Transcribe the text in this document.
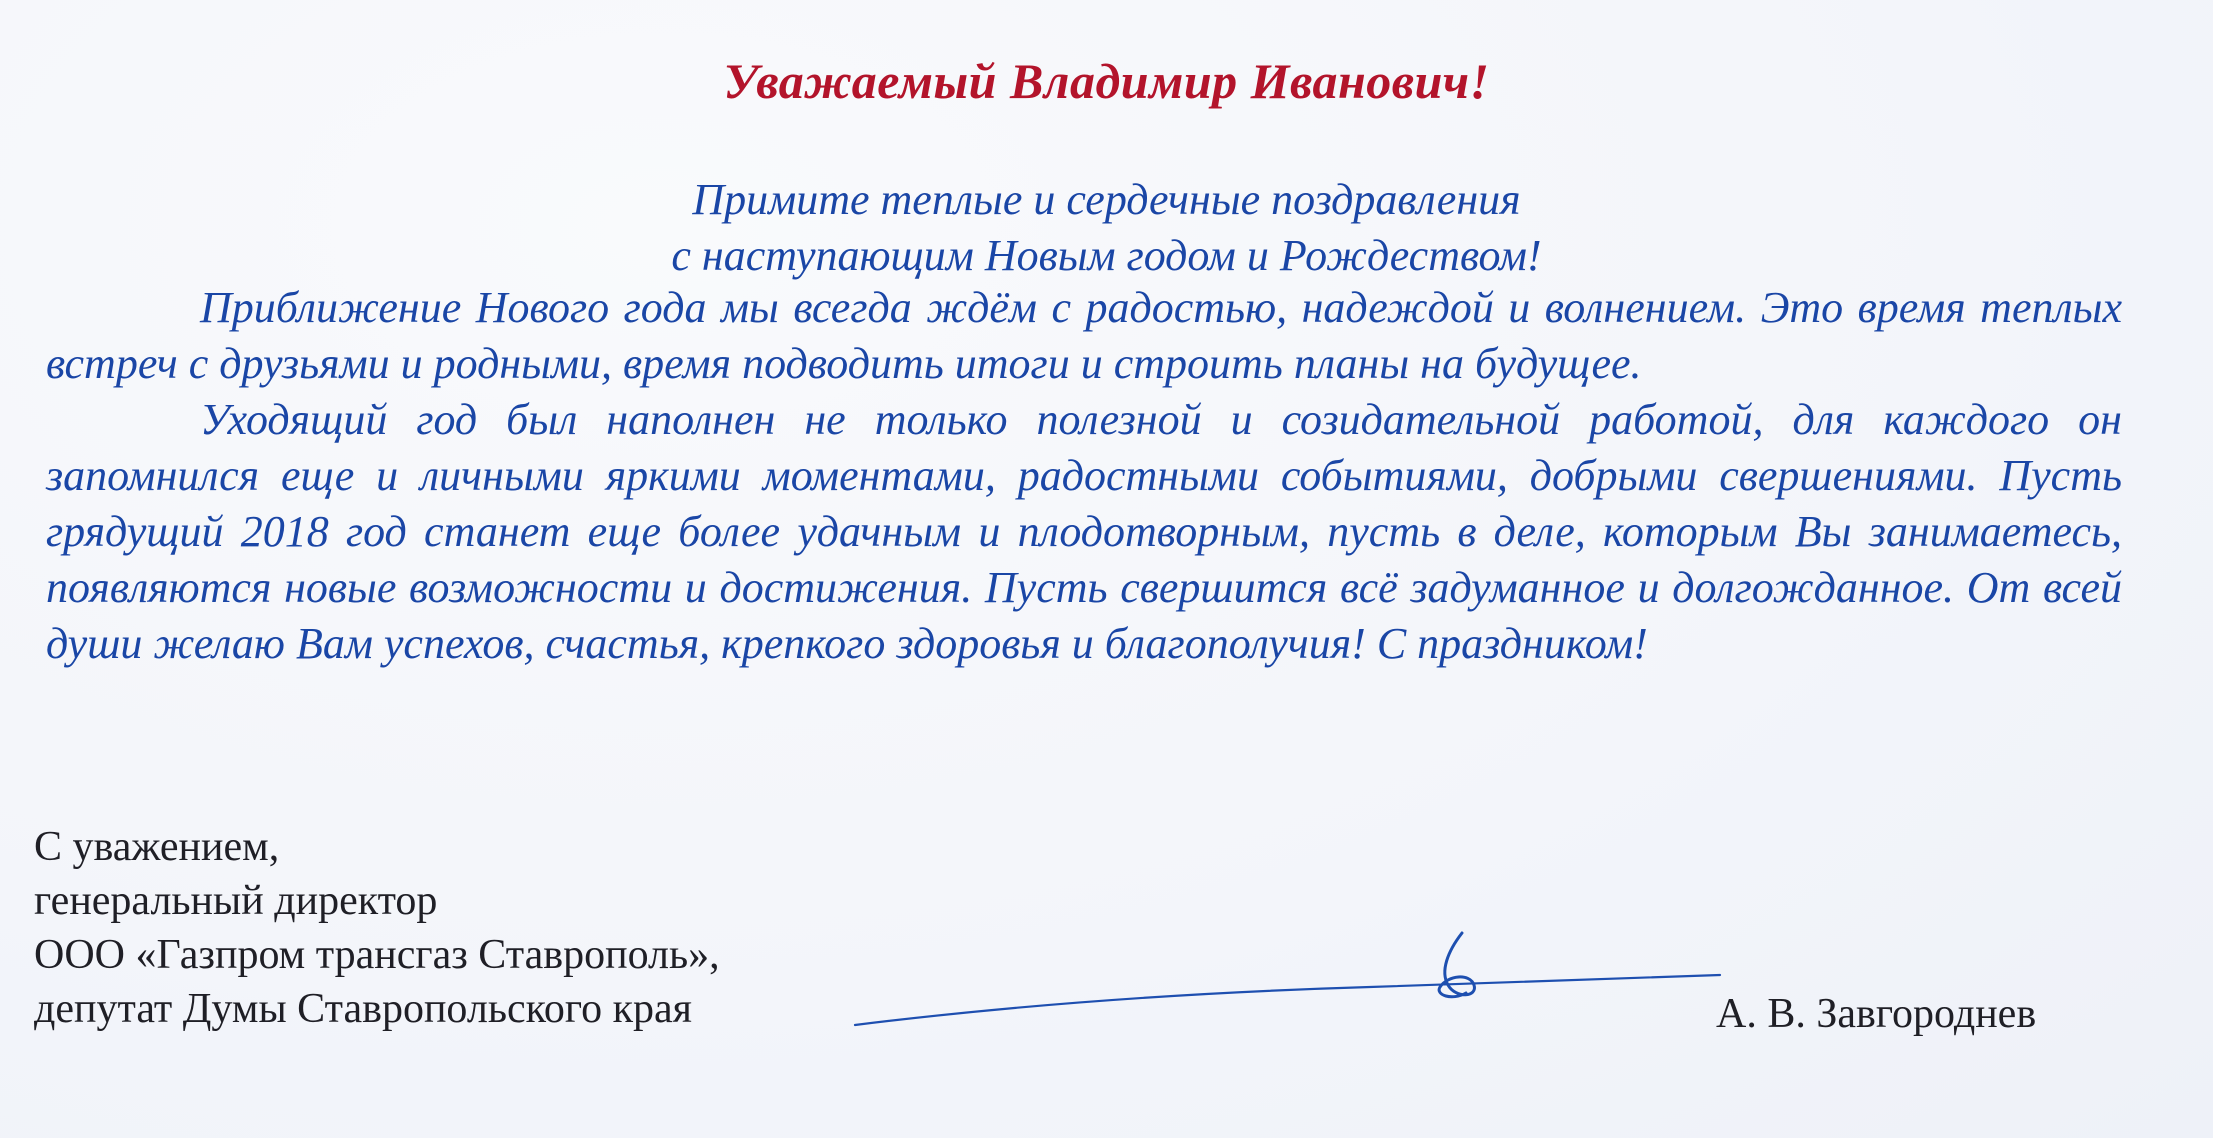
Уважаемый Владимир Иванович!
Примите теплые и сердечные поздравления
с наступающим Новым годом и Рождеством!

Приближение Нового года мы всегда ждём с радостью, надеждой и волнением. Это время теплых встреч с друзьями и родными, время подводить итоги и строить планы на будущее.

Уходящий год был наполнен не только полезной и созидательной работой, для каждого он запомнился еще и личными яркими моментами, радостными событиями, добрыми свершениями. Пусть грядущий 2018 год станет еще более удачным и плодотворным, пусть в деле, которым Вы занимаетесь, появляются новые возможности и достижения. Пусть свершится всё задуманное и долгожданное. От всей души желаю Вам успехов, счастья, крепкого здоровья и благополучия! С праздником!

С уважением,
генеральный директор
ООО «Газпром трансгаз Ставрополь»,
депутат Думы Ставропольского края	А. В. Завгороднев
